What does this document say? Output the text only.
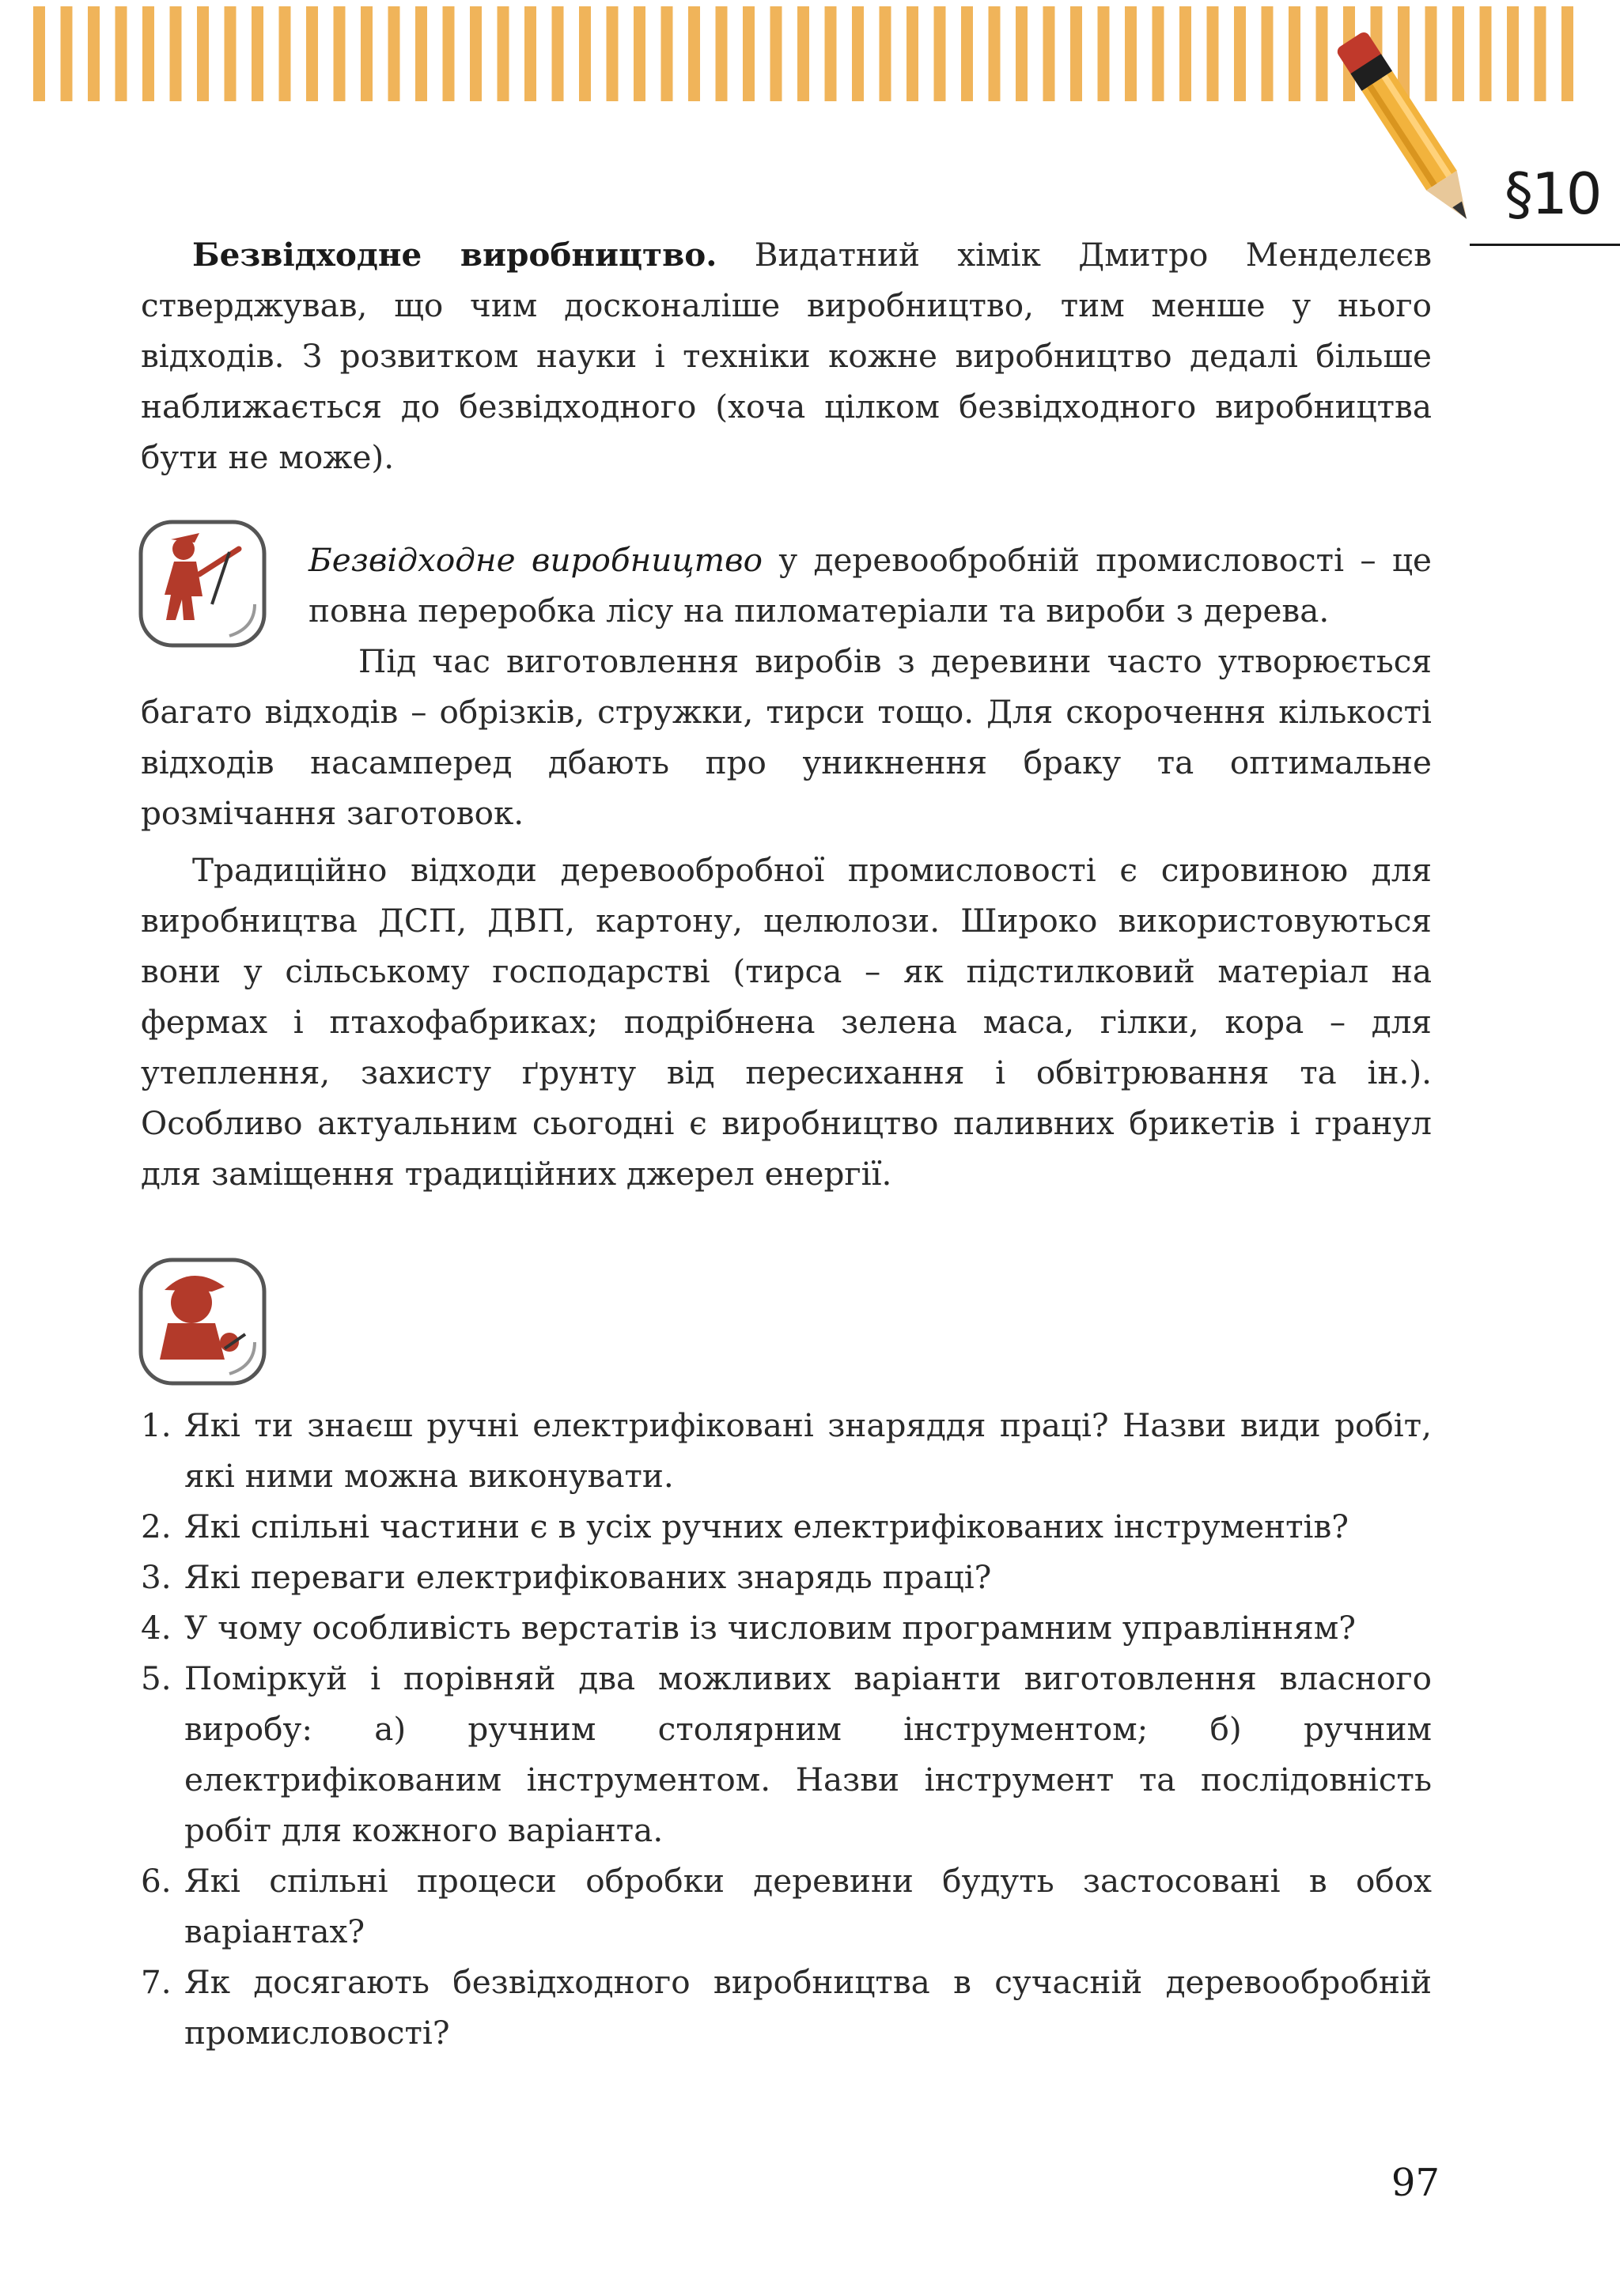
§10

Безвідходне виробництво. Видатний хімік Дмитро Менделєєв стверджував, що чим досконаліше виробництво, тим менше у нього відходів. З розвитком науки і техніки кожне виробництво дедалі більше наближається до безвідходного (хоча цілком безвідходного виробництва бути не може).

Безвідходне виробництво у деревообробній промисловості – це повна переробка лісу на пиломатеріали та вироби з дерева.

Під час виготовлення виробів з деревини часто утворюється багато відходів – обрізків, стружки, тирси тощо. Для скорочення кількості відходів насамперед дбають про уникнення браку та оптимальне розмічання заготовок.

Традиційно відходи деревообробної промисловості є сировиною для виробництва ДСП, ДВП, картону, целюлози. Широко використовуються вони у сільському господарстві (тирса – як підстилковий матеріал на фермах і птахофабриках; подрібнена зелена маса, гілки, кора – для утеплення, захисту ґрунту від пересихання і обвітрювання та ін.). Особливо актуальним сьогодні є виробництво паливних брикетів і гранул для заміщення традиційних джерел енергії.

1. Які ти знаєш ручні електрифіковані знаряддя праці? Назви види робіт, які ними можна виконувати.
2. Які спільні частини є в усіх ручних електрифікованих інструментів?
3. Які переваги електрифікованих знарядь праці?
4. У чому особливість верстатів із числовим програмним управлінням?
5. Поміркуй і порівняй два можливих варіанти виготовлення власного виробу: а) ручним столярним інструментом; б) ручним електрифікованим інструментом. Назви інструмент та послідовність робіт для кожного варіанта.
6. Які спільні процеси обробки деревини будуть застосовані в обох варіантах?
7. Як досягають безвідходного виробництва в сучасній деревообробній промисловості?
97
